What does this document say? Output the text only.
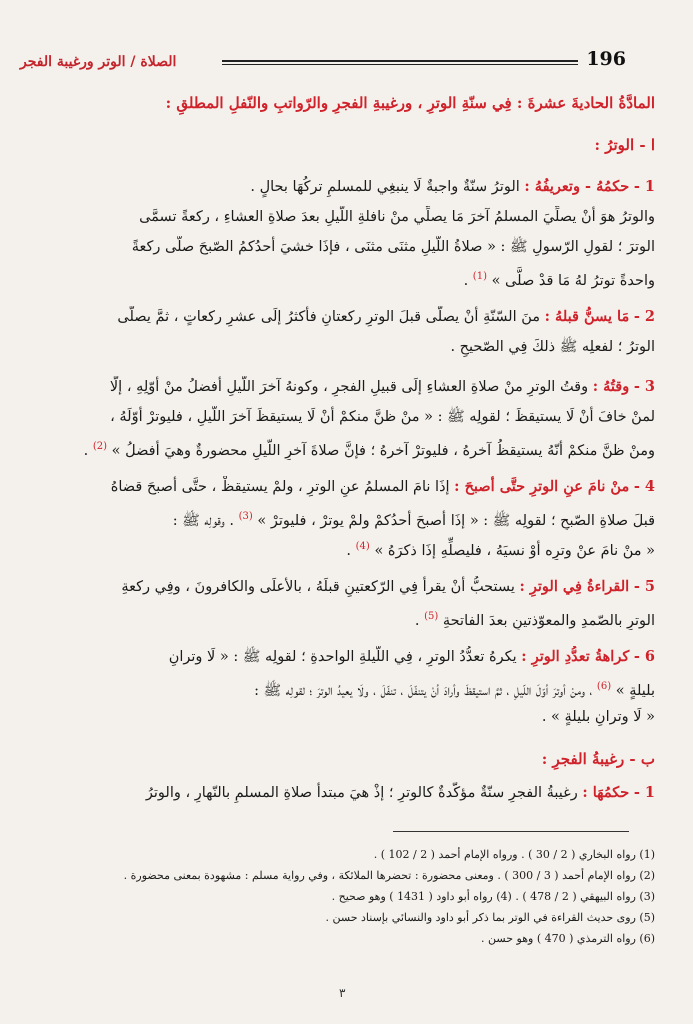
الصلاة / الوتر ورغيبة الفجر	196
المادَّةُ الحاديةَ عشرةَ : فِي سنّةِ الوترِ ، ورغيبةِ الفجرِ والرّواتبِ والنّفلِ المطلقِ :
ا - الوترُ :
1 - حكمُهُ - وتعريفُهُ : الوترُ سنّةٌ واجبةٌ لَا ينبغِي للمسلمِ تركُهَا بحالٍ .
والوترُ هوَ أنْ يصلِّيَ المسلمُ آخرَ مَا يصلِّي منْ نافلةِ اللّيلِ بعدَ صلاةِ العشاءِ ، ركعةً تسمَّى
الوترَ ؛ لقولِ الرّسولِ ﷺ : « صلاةُ اللّيلِ مثنَى مثنَى ، فإذَا خشيَ أحدُكمُ الصّبحَ صلَّى ركعةً
واحدةً توترُ لهُ مَا قدْ صلَّى » $^{(1)}$ .
2 - مَا يسنُّ قبلهُ : منَ السّنّةِ أنْ يصلَّى قبلَ الوترِ ركعتانِ فأكثرُ إلَى عشرِ ركعاتٍ ، ثمَّ يصلَّى
الوترُ ؛ لفعلِه ﷺ ذلكَ فِي الصّحيحِ .
3 - وقتُهُ : وقتُ الوترِ منْ صلاةِ العشاءِ إلَى قبيلِ الفجرِ ، وكونهُ آخرَ اللّيلِ أفضلُ منْ أوّلِهِ ، إلّا
لمنْ خافَ أنْ لَا يستيقظَ ؛ لقولِه ﷺ : « منْ ظنَّ منكمْ أنْ لَا يستيقظَ آخرَ اللّيلِ ، فليوترْ أوّلَهُ ،
ومنْ ظنَّ منكمْ أنّهُ يستيقظُ آخرهُ ، فليوترْ آخرهُ ؛ فإنَّ صلاةَ آخرِ اللّيلِ محضورةٌ وهيَ أفضلُ » $^{(2)}$ .
4 - منْ نامَ عنِ الوترِ حتَّى أصبحَ : إذَا نامَ المسلمُ عنِ الوترِ ، ولمْ يستيقظْ ، حتَّى أصبحَ قضاهُ
قبلَ صلاةِ الصّبحِ ؛ لقولِه ﷺ : « إذَا أصبحَ أحدُكمْ ولمْ يوترْ ، فليوترْ » $^{(3)}$ . وقولِه ﷺ :
« منْ نامَ عنْ وترِه أوْ نسيَهُ ، فليصلِّهِ إذَا ذكرَهُ » $^{(4)}$ .
5 - القراءةُ فِي الوترِ : يستحبُّ أنْ يقرأَ فِي الرّكعتينِ قبلَهُ ، بالأعلَى والكافرونَ ، وفِي ركعةِ
الوترِ بالصّمدِ والمعوّذتينِ بعدَ الفاتحةِ $^{(5)}$ .
6 - كراهةُ تعدُّدِ الوترِ : يكرهُ تعدُّدُ الوترِ ، فِي اللّيلةِ الواحدةِ ؛ لقولِه ﷺ : « لَا وترانِ
بليلةٍ » $^{(6)}$ ، ومنْ أوترَ أوّلَ اللّيلِ ، ثمَّ استيقظَ وأرادَ أنْ يتنفّلَ ، تنفّلَ ، ولَا يعيدُ الوترَ ؛ لقولِه ﷺ :
« لَا وترانِ بليلةٍ » .
ب - رغيبةُ الفجرِ :
1 - حكمُهَا : رغيبةُ الفجرِ سنّةٌ مؤكّدةٌ كالوترِ ؛ إذْ هيَ مبتدأُ صلاةِ المسلمِ بالنّهارِ ، والوترُ
(1) رواه البخاري ( 2 / 30 ) . ورواه الإمام أحمد ( 2 / 102 ) .
(2) رواه الإمام أحمد ( 3 / 300 ) . ومعنى محضورة : تحضرها الملائكة ، وفي رواية مسلم : مشهودة بمعنى محضورة .
(3) رواه البيهقي ( 2 / 478 ) . (4) رواه أبو داود ( 1431 ) وهو صحيح .
(5) روى حديث القراءة في الوتر بما ذكر أبو داود والنسائي بإسناد حسن .
(6) رواه الترمذي ( 470 ) وهو حسن .
٣
